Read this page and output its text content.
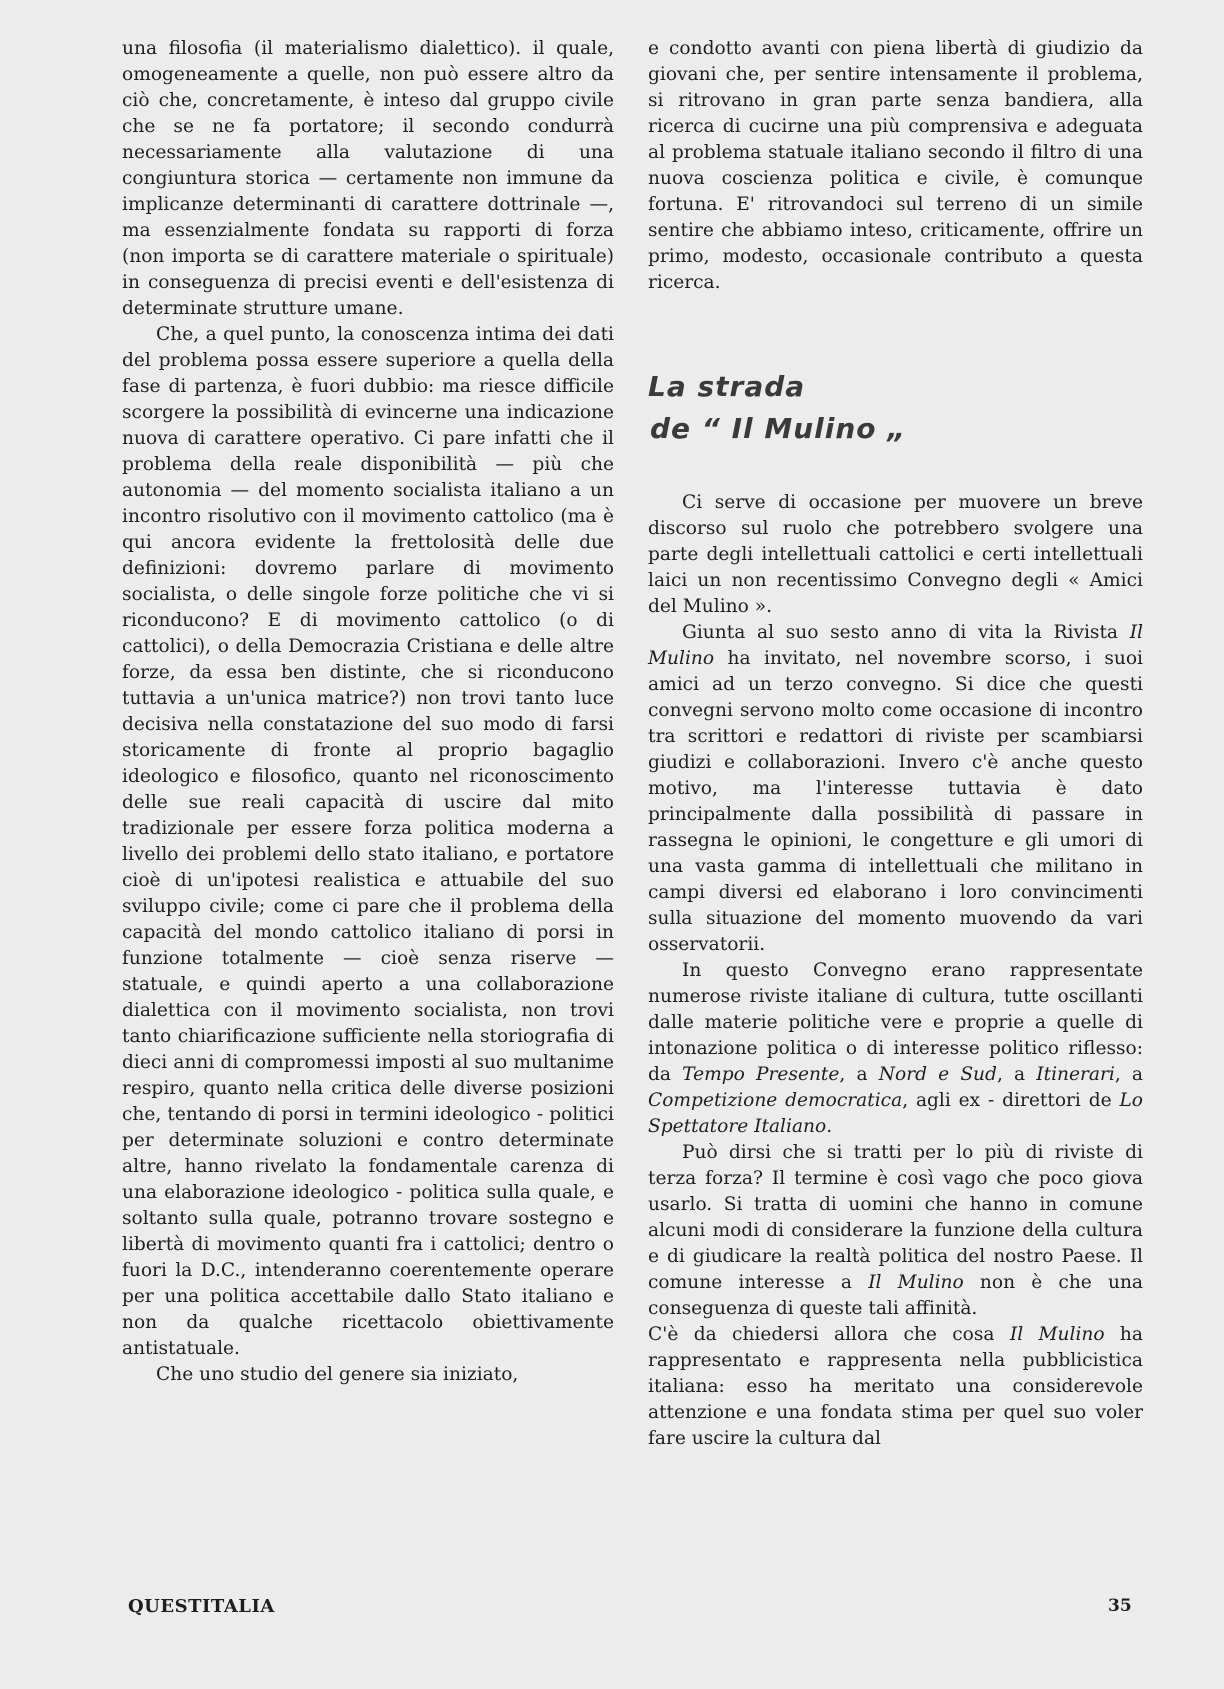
una filosofia (il materialismo dialettico). il quale, omogeneamente a quelle, non può essere altro da ciò che, concretamente, è inteso dal gruppo civile che se ne fa portatore; il secondo condurrà necessariamente alla valutazione di una congiuntura storica — certamente non immune da implicanze determinanti di carattere dottrinale —, ma essenzialmente fondata su rapporti di forza (non importa se di carattere materiale o spirituale) in conseguenza di precisi eventi e dell'esistenza di determinate strutture umane.

Che, a quel punto, la conoscenza intima dei dati del problema possa essere superiore a quella della fase di partenza, è fuori dubbio: ma riesce difficile scorgere la possibilità di evincerne una indicazione nuova di carattere operativo. Ci pare infatti che il problema della reale disponibilità — più che autonomia — del momento socialista italiano a un incontro risolutivo con il movimento cattolico (ma è qui ancora evidente la frettolosità delle due definizioni: dovremo parlare di movimento socialista, o delle singole forze politiche che vi si riconducono? E di movimento cattolico (o di cattolici), o della Democrazia Cristiana e delle altre forze, da essa ben distinte, che si riconducono tuttavia a un'unica matrice?) non trovi tanto luce decisiva nella constatazione del suo modo di farsi storicamente di fronte al proprio bagaglio ideologico e filosofico, quanto nel riconoscimento delle sue reali capacità di uscire dal mito tradizionale per essere forza politica moderna a livello dei problemi dello stato italiano, e portatore cioè di un'ipotesi realistica e attuabile del suo sviluppo civile; come ci pare che il problema della capacità del mondo cattolico italiano di porsi in funzione totalmente — cioè senza riserve — statuale, e quindi aperto a una collaborazione dialettica con il movimento socialista, non trovi tanto chiarificazione sufficiente nella storiografia di dieci anni di compromessi imposti al suo multanime respiro, quanto nella critica delle diverse posizioni che, tentando di porsi in termini ideologico - politici per determinate soluzioni e contro determinate altre, hanno rivelato la fondamentale carenza di una elaborazione ideologico - politica sulla quale, e soltanto sulla quale, potranno trovare sostegno e libertà di movimento quanti fra i cattolici; dentro o fuori la D.C., intenderanno coerentemente operare per una politica accettabile dallo Stato italiano e non da qualche ricettacolo obiettivamente antistatuale.

Che uno studio del genere sia iniziato,

e condotto avanti con piena libertà di giudizio da giovani che, per sentire intensamente il problema, si ritrovano in gran parte senza bandiera, alla ricerca di cucirne una più comprensiva e adeguata al problema statuale italiano secondo il filtro di una nuova coscienza politica e civile, è comunque fortuna. E' ritrovandoci sul terreno di un simile sentire che abbiamo inteso, criticamente, offrire un primo, modesto, occasionale contributo a questa ricerca.

La strada
de “ Il Mulino „

Ci serve di occasione per muovere un breve discorso sul ruolo che potrebbero svolgere una parte degli intellettuali cattolici e certi intellettuali laici un non recentissimo Convegno degli « Amici del Mulino ».

Giunta al suo sesto anno di vita la Rivista Il Mulino ha invitato, nel novembre scorso, i suoi amici ad un terzo convegno. Si dice che questi convegni servono molto come occasione di incontro tra scrittori e redattori di riviste per scambiarsi giudizi e collaborazioni. Invero c'è anche questo motivo, ma l'interesse tuttavia è dato principalmente dalla possibilità di passare in rassegna le opinioni, le congetture e gli umori di una vasta gamma di intellettuali che militano in campi diversi ed elaborano i loro convincimenti sulla situazione del momento muovendo da vari osservatorii.

In questo Convegno erano rappresentate numerose riviste italiane di cultura, tutte oscillanti dalle materie politiche vere e proprie a quelle di intonazione politica o di interesse politico riflesso: da Tempo Presente, a Nord e Sud, a Itinerari, a Competizione democratica, agli ex - direttori de Lo Spettatore Italiano.

Può dirsi che si tratti per lo più di riviste di terza forza? Il termine è così vago che poco giova usarlo. Si tratta di uomini che hanno in comune alcuni modi di considerare la funzione della cultura e di giudicare la realtà politica del nostro Paese. Il comune interesse a Il Mulino non è che una conseguenza di queste tali affinità.

C'è da chiedersi allora che cosa Il Mulino ha rappresentato e rappresenta nella pubblicistica italiana: esso ha meritato una considerevole attenzione e una fondata stima per quel suo voler fare uscire la cultura dal

QUESTITALIA	35
